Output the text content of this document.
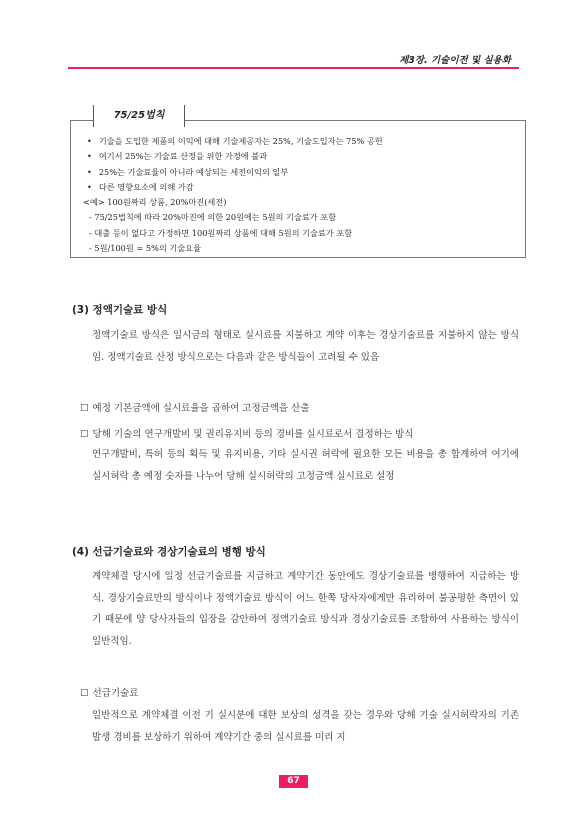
제3장. 기술이전 및 실용화
75/25법칙
• 기술을 도입한 제품의 이익에 대해 기술제공자는 25%, 기술도입자는 75% 공헌
• 여기서 25%는 기술료 산정을 위한 가정에 불과
• 25%는 기술료율이 아니라 예상되는 세전이익의 일부
• 다른 영향요소에 의해 가감
<예> 100원짜리 상품, 20%마진(세전)
- 75/25법칙에 따라 20%마진에 의한 20원에는 5원의 기술료가 포함
- 대출 등이 없다고 가정하면 100원짜리 상품에 대해 5원의 기술료가 포함
- 5원/100원 = 5%의 기술요율
(3) 정액기술료 방식
정액기술료 방식은 일시금의 형태로 실시료를 지불하고 계약 이후는 경상기술료를 지불하지 않는 방식임. 정액기술료 산정 방식으로는 다음과 같은 방식들이 고려될 수 있음
☐ 예정 기본금액에 실시료율을 곱하여 고정금액을 산출
☐ 당해 기술의 연구개발비 및 권리유지비 등의 경비를 실시료로서 결정하는 방식
연구개발비, 특허 등의 획득 및 유지비용, 기타 실시권 허락에 필요한 모든 비용을 총 합계하여 여기에 실시허락 총 예정 숫자를 나누어 당해 실시허락의 고정금액 실시료로 설정
(4) 선급기술료와 경상기술료의 병행 방식
계약체결 당시에 일정 선급기술료를 지급하고 계약기간 동안에도 경상기술료를 병행하여 지급하는 방식. 경상기술료만의 방식이나 정액기술료 방식이 어느 한쪽 당사자에게만 유리하여 불공평한 측면이 있기 때문에 양 당사자들의 입장을 감안하여 정액기술료 방식과 경상기술료를 조합하여 사용하는 방식이 일반적임.
☐ 선급기술료
일반적으로 계약체결 이전 기 실시분에 대한 보상의 성격을 갖는 경우와 당해 기술 실시허락자의 기존 발생 경비를 보상하기 위하여 계약기간 중의 실시료를 미리 지
67
